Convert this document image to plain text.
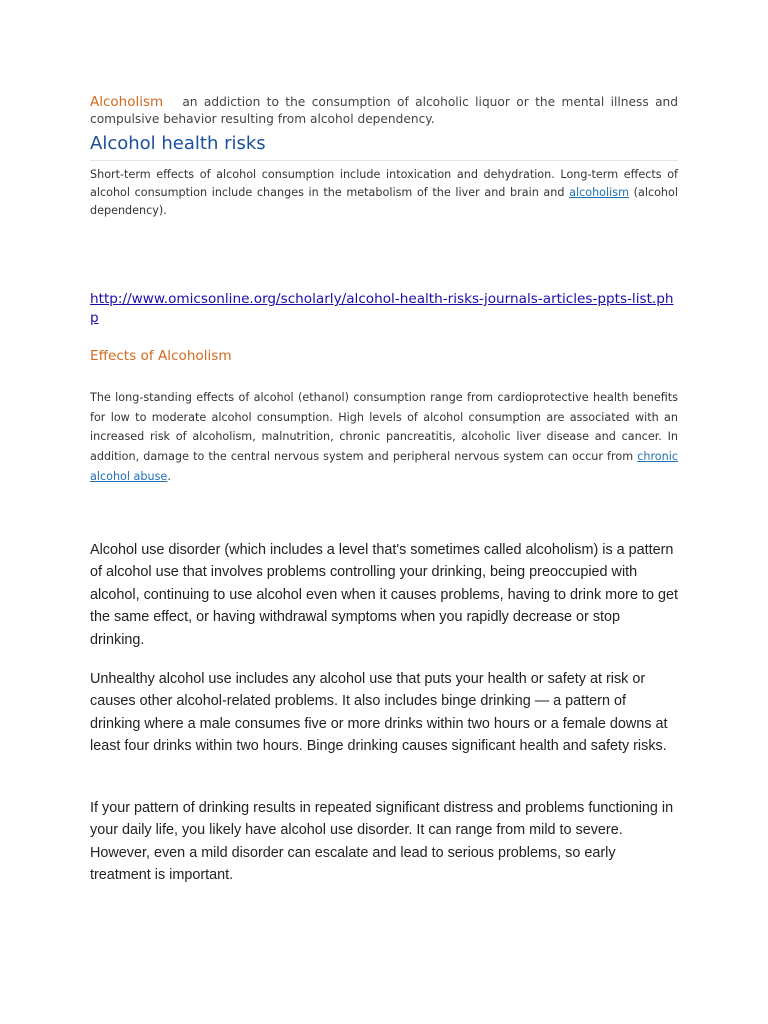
Alcoholism an addiction to the consumption of alcoholic liquor or the mental illness and compulsive behavior resulting from alcohol dependency.
Alcohol health risks

Short-term effects of alcohol consumption include intoxication and dehydration. Long-term effects of alcohol consumption include changes in the metabolism of the liver and brain and alcoholism (alcohol dependency).

http://www.omicsonline.org/scholarly/alcohol-health-risks-journals-articles-ppts-list.php
Effects of Alcoholism

The long-standing effects of alcohol (ethanol) consumption range from cardioprotective health benefits for low to moderate alcohol consumption. High levels of alcohol consumption are associated with an increased risk of alcoholism, malnutrition, chronic pancreatitis, alcoholic liver disease and cancer. In addition, damage to the central nervous system and peripheral nervous system can occur from chronic alcohol abuse.

Alcohol use disorder (which includes a level that's sometimes called alcoholism) is a pattern of alcohol use that involves problems controlling your drinking, being preoccupied with alcohol, continuing to use alcohol even when it causes problems, having to drink more to get the same effect, or having withdrawal symptoms when you rapidly decrease or stop drinking.

Unhealthy alcohol use includes any alcohol use that puts your health or safety at risk or causes other alcohol-related problems. It also includes binge drinking — a pattern of drinking where a male consumes five or more drinks within two hours or a female downs at least four drinks within two hours. Binge drinking causes significant health and safety risks.

If your pattern of drinking results in repeated significant distress and problems functioning in your daily life, you likely have alcohol use disorder. It can range from mild to severe. However, even a mild disorder can escalate and lead to serious problems, so early treatment is important.
